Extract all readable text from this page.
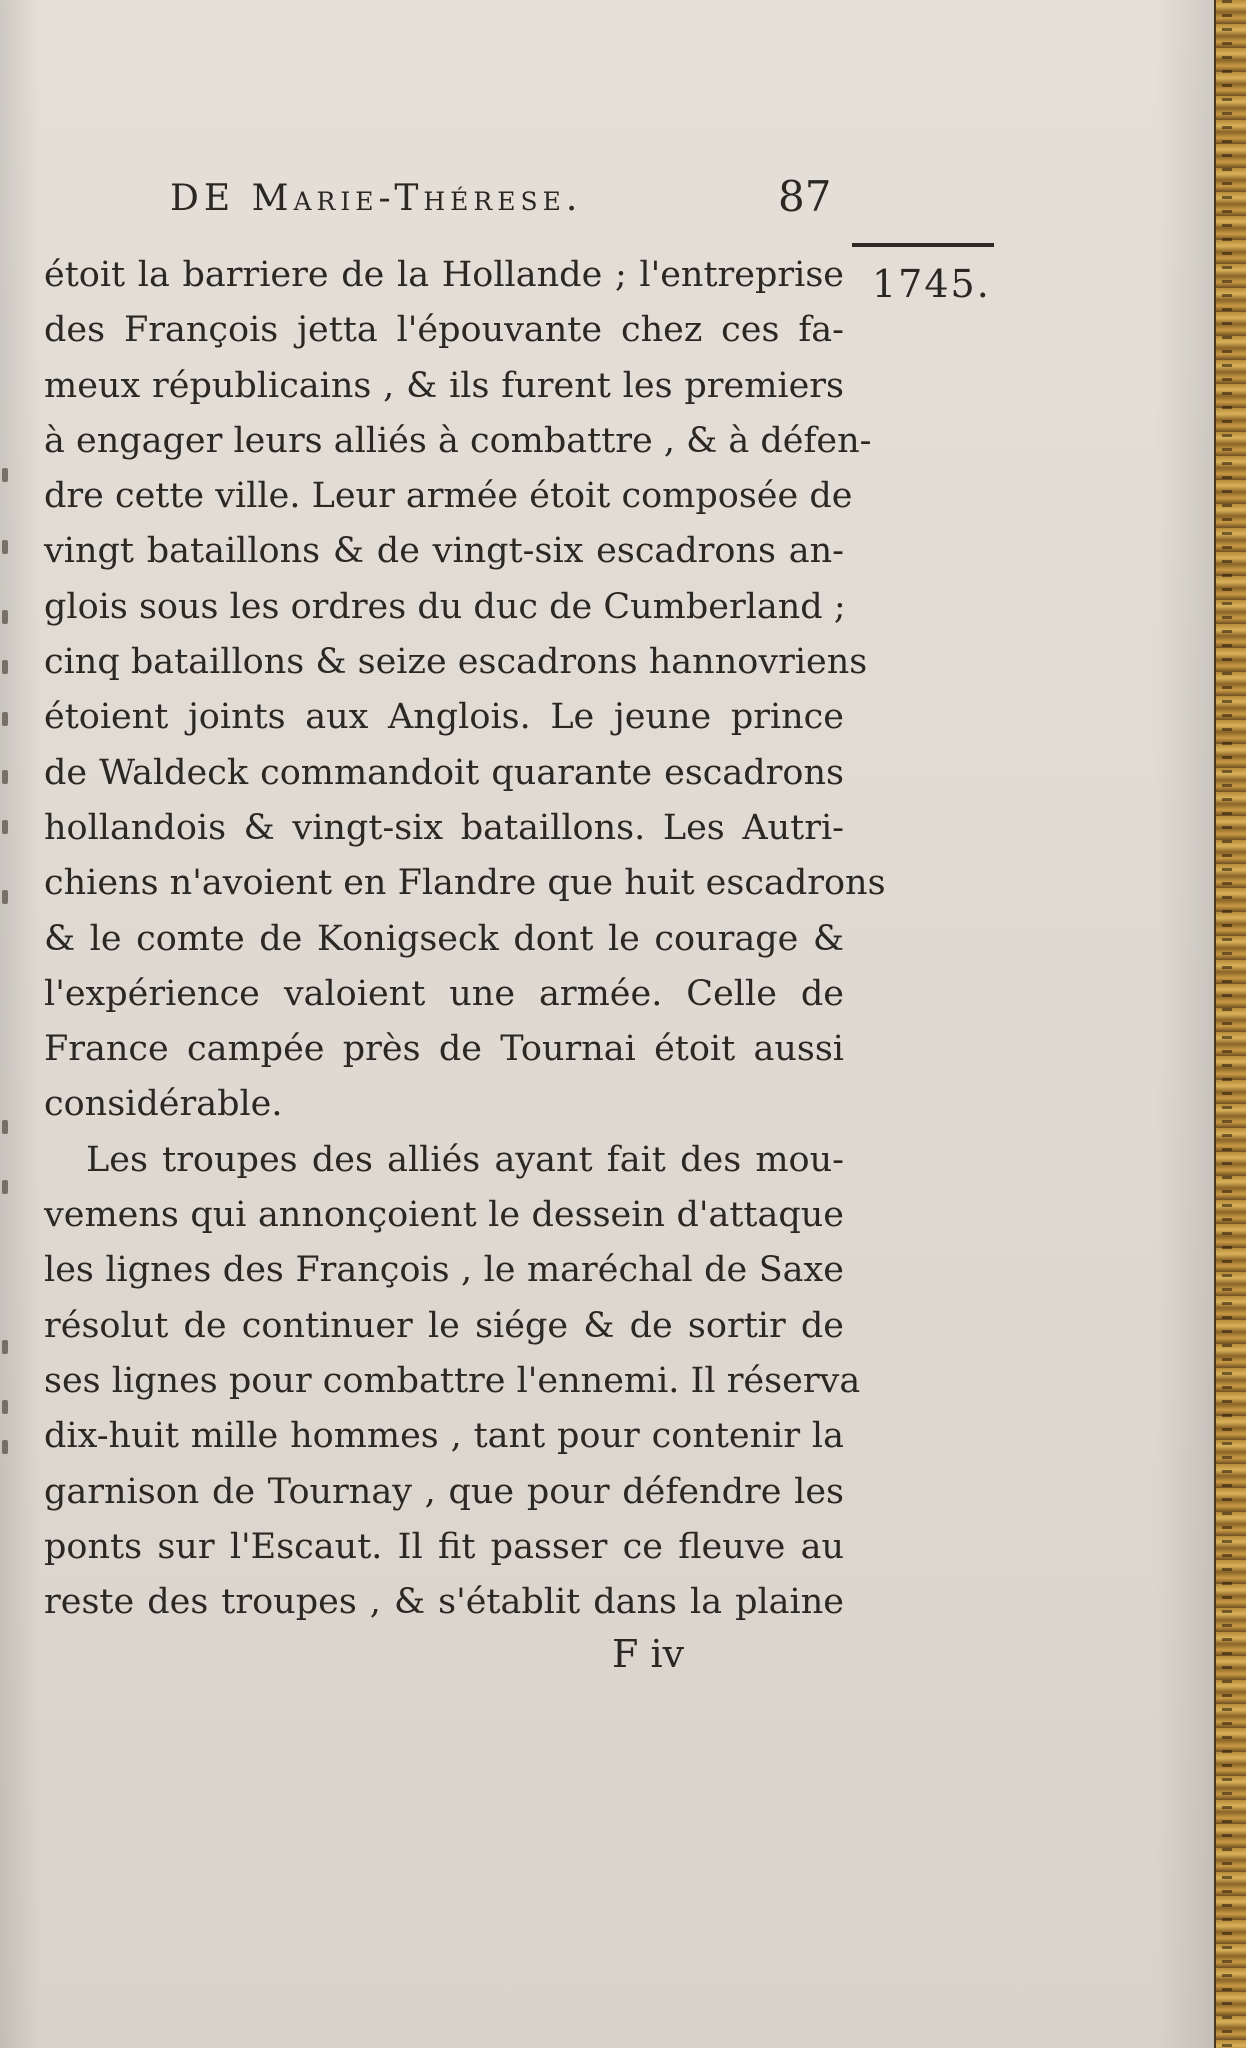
DE Marie-Thérese.	87
1745.
étoit la barriere de la Hollande ; l'entreprise
des François jetta l'épouvante chez ces fa-
meux républicains , & ils furent les premiers
à engager leurs alliés à combattre , & à défen-
dre cette ville. Leur armée étoit composée de
vingt bataillons & de vingt-six escadrons an-
glois sous les ordres du duc de Cumberland ;
cinq bataillons & seize escadrons hannovriens
étoient joints aux Anglois. Le jeune prince
de Waldeck commandoit quarante escadrons
hollandois & vingt-six bataillons. Les Autri-
chiens n'avoient en Flandre que huit escadrons
& le comte de Konigseck dont le courage &
l'expérience valoient une armée. Celle de
France campée près de Tournai étoit aussi
considérable.
Les troupes des alliés ayant fait des mou-
vemens qui annonçoient le dessein d'attaque
les lignes des François , le maréchal de Saxe
résolut de continuer le siége & de sortir de
ses lignes pour combattre l'ennemi. Il réserva
dix-huit mille hommes , tant pour contenir la
garnison de Tournay , que pour défendre les
ponts sur l'Escaut. Il fit passer ce fleuve au
reste des troupes , & s'établit dans la plaine
F iv
